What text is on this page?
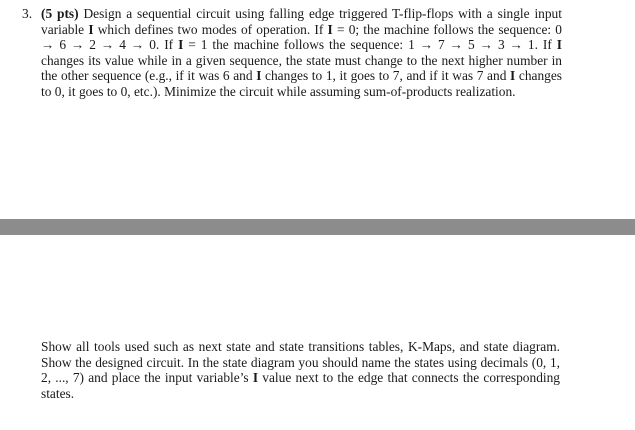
3. (5 pts) Design a sequential circuit using falling edge triggered T-flip-flops with a single input variable I which defines two modes of operation. If I = 0; the machine follows the sequence: 0 → 6 → 2 → 4 → 0. If I = 1 the machine follows the sequence: 1 → 7 → 5 → 3 → 1. If I changes its value while in a given sequence, the state must change to the next higher number in the other sequence (e.g., if it was 6 and I changes to 1, it goes to 7, and if it was 7 and I changes to 0, it goes to 0, etc.). Minimize the circuit while assuming sum-of-products realization.
Show all tools used such as next state and state transitions tables, K-Maps, and state diagram. Show the designed circuit. In the state diagram you should name the states using decimals (0, 1, 2, ..., 7) and place the input variable’s I value next to the edge that connects the corresponding states.
